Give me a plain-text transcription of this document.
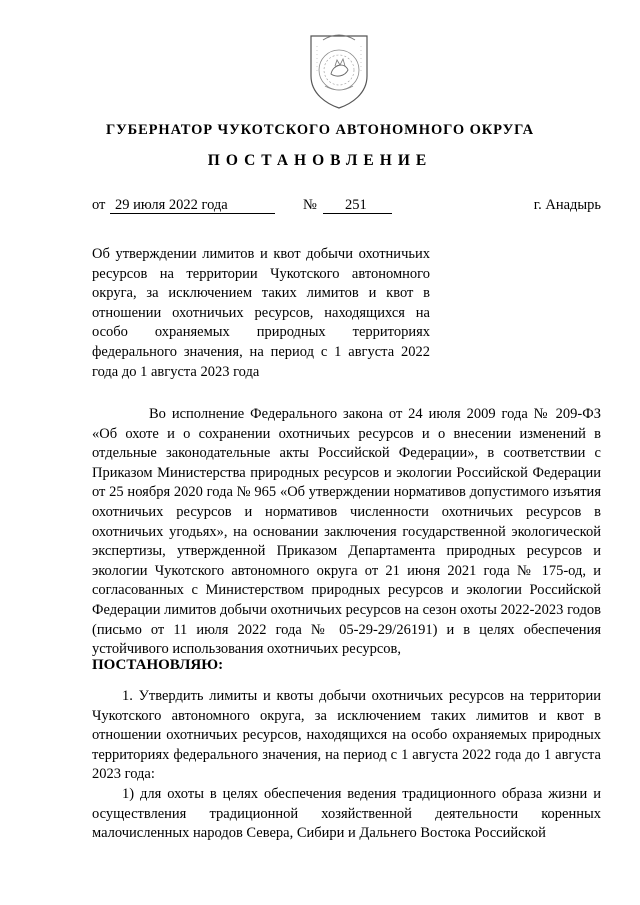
ГУБЕРНАТОР ЧУКОТСКОГО АВТОНОМНОГО ОКРУГА
ПОСТАНОВЛЕНИЕ
от 29 июля 2022 года	№ 251	г. Анадырь

Об утверждении лимитов и квот добычи охотничьих ресурсов на территории Чукотского автономного округа, за исключением таких лимитов и квот в отношении охотничьих ресурсов, находящихся на особо охраняемых природных территориях федерального значения, на период с 1 августа 2022 года до 1 августа 2023 года

Во исполнение Федерального закона от 24 июля 2009 года № 209-ФЗ «Об охоте и о сохранении охотничьих ресурсов и о внесении изменений в отдельные законодательные акты Российской Федерации», в соответствии с Приказом Министерства природных ресурсов и экологии Российской Федерации от 25 ноября 2020 года № 965 «Об утверждении нормативов допустимого изъятия охотничьих ресурсов и нормативов численности охотничьих ресурсов в охотничьих угодьях», на основании заключения государственной экологической экспертизы, утвержденной Приказом Департамента природных ресурсов и экологии Чукотского автономного округа от 21 июня 2021 года № 175-од, и согласованных с Министерством природных ресурсов и экологии Российской Федерации лимитов добычи охотничьих ресурсов на сезон охоты 2022-2023 годов (письмо от 11 июля 2022 года № 05-29-29/26191) и в целях обеспечения устойчивого использования охотничьих ресурсов,

ПОСТАНОВЛЯЮ:

1. Утвердить лимиты и квоты добычи охотничьих ресурсов на территории Чукотского автономного округа, за исключением таких лимитов и квот в отношении охотничьих ресурсов, находящихся на особо охраняемых природных территориях федерального значения, на период с 1 августа 2022 года до 1 августа 2023 года:

1) для охоты в целях обеспечения ведения традиционного образа жизни и осуществления традиционной хозяйственной деятельности коренных малочисленных народов Севера, Сибири и Дальнего Востока Российской
